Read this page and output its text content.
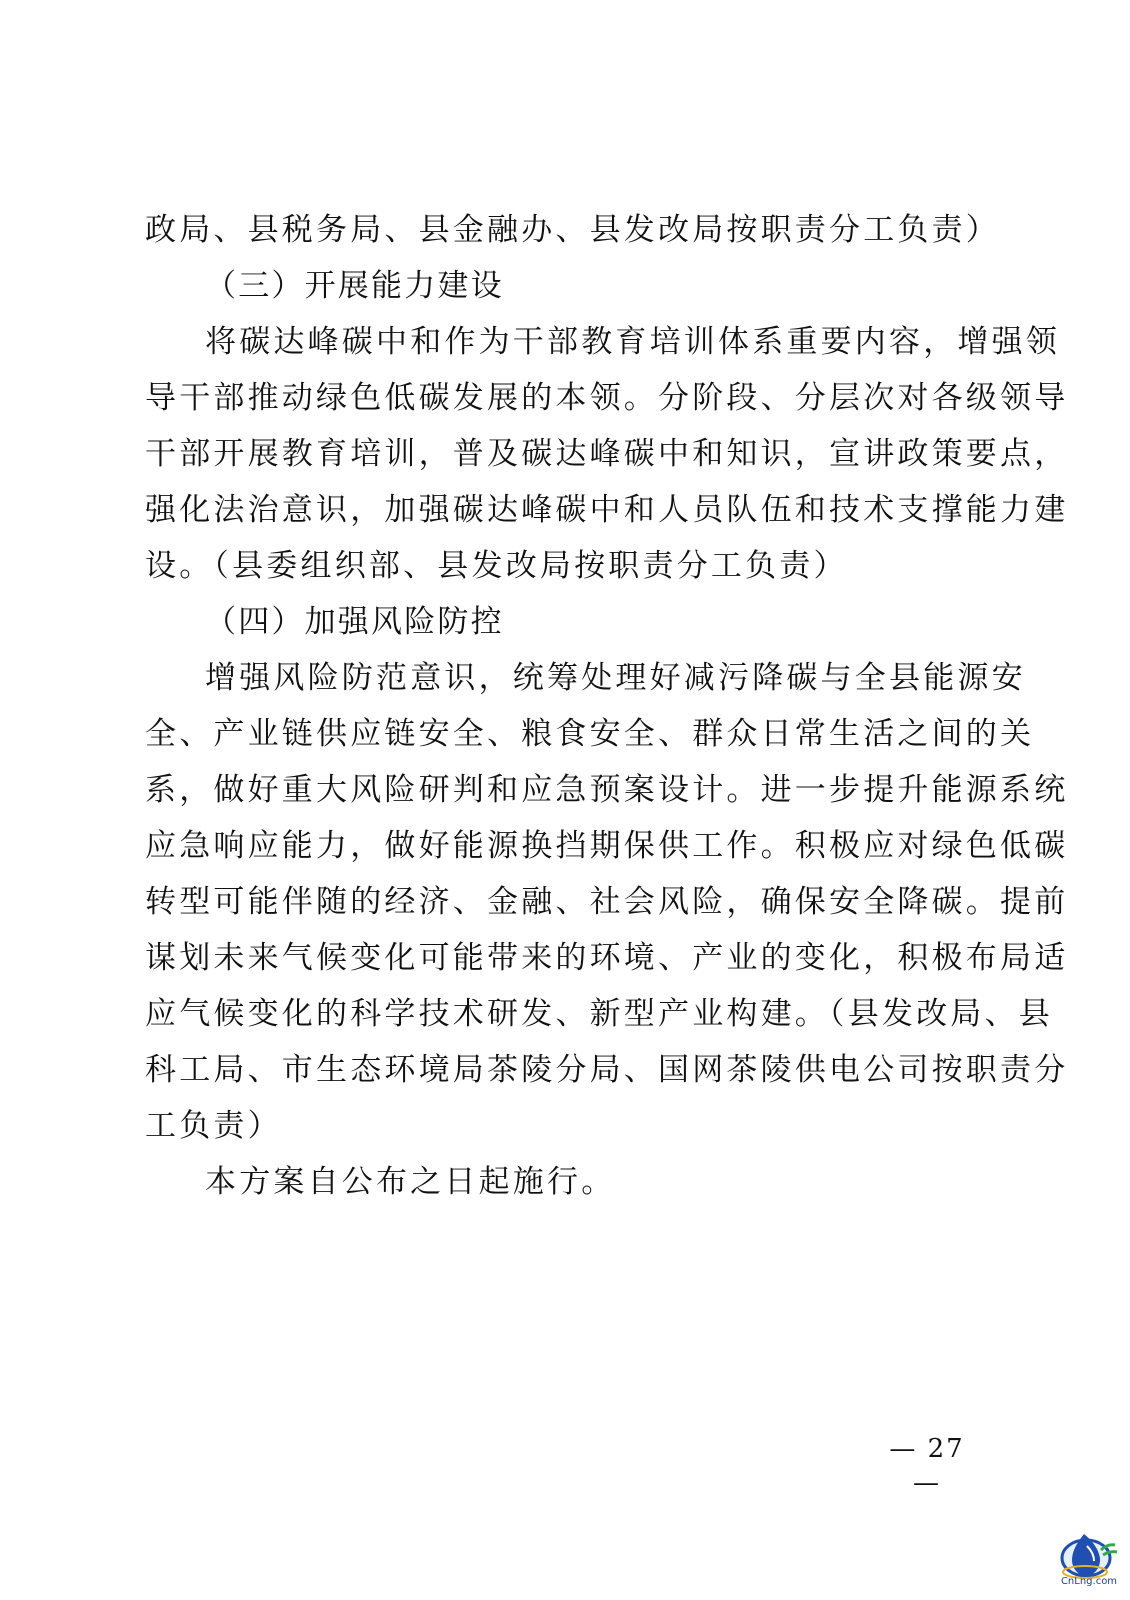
政局、县税务局、县金融办、县发改局按职责分工负责）
（三）开展能力建设
将碳达峰碳中和作为干部教育培训体系重要内容，增强领
导干部推动绿色低碳发展的本领。分阶段、分层次对各级领导
干部开展教育培训，普及碳达峰碳中和知识，宣讲政策要点，
强化法治意识，加强碳达峰碳中和人员队伍和技术支撑能力建
设。（县委组织部、县发改局按职责分工负责）
（四）加强风险防控
增强风险防范意识，统筹处理好减污降碳与全县能源安
全、产业链供应链安全、粮食安全、群众日常生活之间的关
系，做好重大风险研判和应急预案设计。进一步提升能源系统
应急响应能力，做好能源换挡期保供工作。积极应对绿色低碳
转型可能伴随的经济、金融、社会风险，确保安全降碳。提前
谋划未来气候变化可能带来的环境、产业的变化，积极布局适
应气候变化的科学技术研发、新型产业构建。（县发改局、县
科工局、市生态环境局茶陵分局、国网茶陵供电公司按职责分
工负责）
本方案自公布之日起施行。
— 27 —
CnLng.com
